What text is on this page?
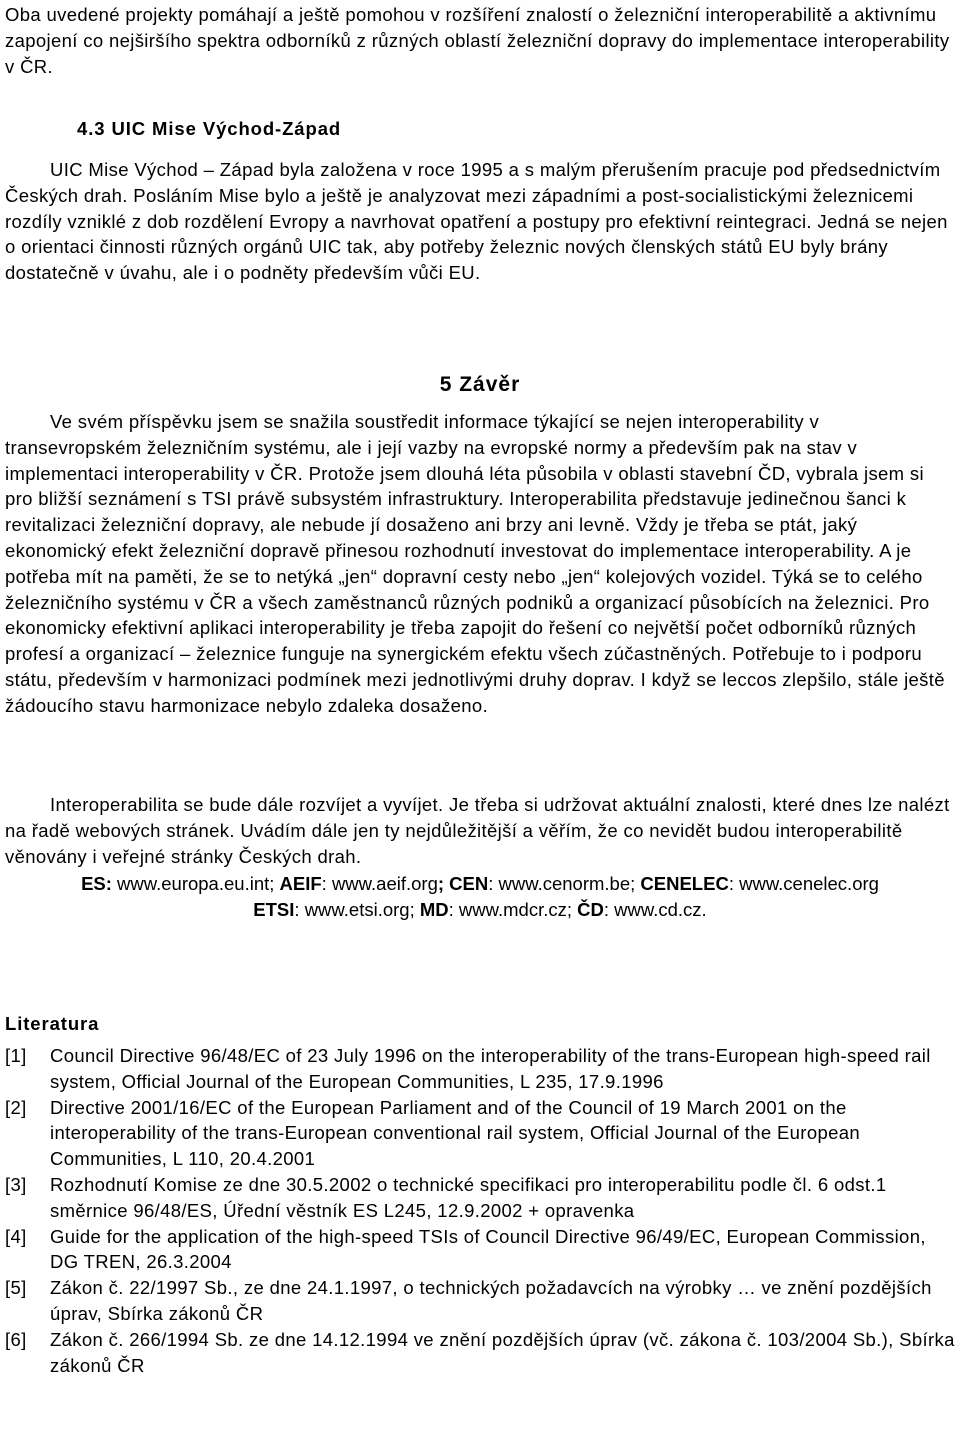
Oba uvedené projekty pomáhají a ještě pomohou v rozšíření znalostí o železniční interoperabilitě a aktivnímu zapojení co nejširšího spektra odborníků z různých oblastí železniční dopravy do implementace interoperability v ČR.

4.3 UIC Mise Východ-Západ

UIC Mise Východ – Západ byla založena v roce 1995 a s malým přerušením pracuje pod předsednictvím Českých drah. Posláním Mise bylo a ještě je analyzovat mezi západními a post-socialistickými železnicemi rozdíly vzniklé z dob rozdělení Evropy a navrhovat opatření a postupy pro efektivní reintegraci. Jedná se nejen o orientaci činnosti různých orgánů UIC tak, aby potřeby železnic nových členských států EU byly brány dostatečně v úvahu, ale i o podněty především vůči EU.

5 Závěr

Ve svém příspěvku jsem se snažila soustředit informace týkající se nejen interoperability v transevropském železničním systému, ale i její vazby na evropské normy a především pak na stav v implementaci interoperability v ČR. Protože jsem dlouhá léta působila v oblasti stavební ČD, vybrala jsem si pro bližší seznámení s TSI právě subsystém infrastruktury. Interoperabilita představuje jedinečnou šanci k revitalizaci železniční dopravy, ale nebude jí dosaženo ani brzy ani levně. Vždy je třeba se ptát, jaký ekonomický efekt železniční dopravě přinesou rozhodnutí investovat do implementace interoperability. A je potřeba mít na paměti, že se to netýká „jen“ dopravní cesty nebo „jen“ kolejových vozidel. Týká se to celého železničního systému v ČR a všech zaměstnanců různých podniků a organizací působících na železnici. Pro ekonomicky efektivní aplikaci interoperability je třeba zapojit do řešení co největší počet odborníků různých profesí a organizací – železnice funguje na synergickém efektu všech zúčastněných. Potřebuje to i podporu státu, především v harmonizaci podmínek mezi jednotlivými druhy doprav. I když se leccos zlepšilo, stále ještě žádoucího stavu harmonizace nebylo zdaleka dosaženo.

Interoperabilita se bude dále rozvíjet a vyvíjet. Je třeba si udržovat aktuální znalosti, které dnes lze nalézt na řadě webových stránek. Uvádím dále jen ty nejdůležitější a věřím, že co nevidět budou interoperabilitě věnovány i veřejné stránky Českých drah.

ES: www.europa.eu.int; AEIF: www.aeif.org; CEN: www.cenorm.be; CENELEC: www.cenelec.org
ETSI: www.etsi.org; MD: www.mdcr.cz; ČD: www.cd.cz.
Literatura
[1]	Council Directive 96/48/EC of 23 July 1996 on the interoperability of the trans-European high-speed rail system, Official Journal of the European Communities, L 235, 17.9.1996
[2]	Directive 2001/16/EC of the European Parliament and of the Council of 19 March 2001 on the interoperability of the trans-European conventional rail system, Official Journal of the European Communities, L 110, 20.4.2001
[3]	Rozhodnutí Komise ze dne 30.5.2002 o technické specifikaci pro interoperabilitu podle čl. 6 odst.1 směrnice 96/48/ES, Úřední věstník ES L245, 12.9.2002 + opravenka
[4]	Guide for the application of the high-speed TSIs of Council Directive 96/49/EC, European Commission, DG TREN, 26.3.2004
[5]	Zákon č. 22/1997 Sb., ze dne 24.1.1997, o technických požadavcích na výrobky … ve znění pozdějších úprav, Sbírka zákonů ČR
[6]	Zákon č. 266/1994 Sb. ze dne 14.12.1994 ve znění pozdějších úprav (vč. zákona č. 103/2004 Sb.), Sbírka zákonů ČR
